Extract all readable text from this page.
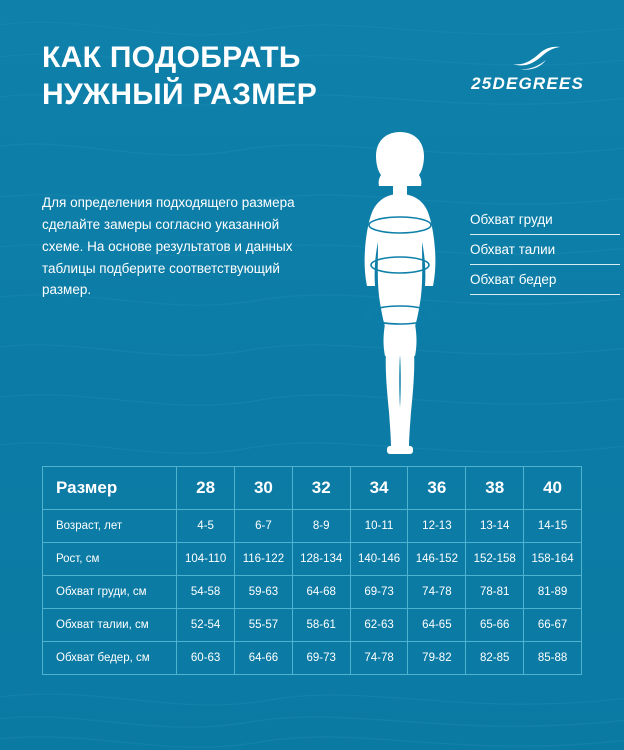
КАК ПОДОБРАТЬ НУЖНЫЙ РАЗМЕР	25DEGREES

Для определения подходящего размера сделайте замеры согласно указанной схеме. На основе результатов и данных таблицы подберите соответствующий размер.

Обхват груди
Обхват талии
Обхват бедер
Размер	28	30	32	34	36	38	40
Возраст, лет	4-5	6-7	8-9	10-11	12-13	13-14	14-15
Рост, см	104-110	116-122	128-134	140-146	146-152	152-158	158-164
Обхват груди, см	54-58	59-63	64-68	69-73	74-78	78-81	81-89
Обхват талии, см	52-54	55-57	58-61	62-63	64-65	65-66	66-67
Обхват бедер, см	60-63	64-66	69-73	74-78	79-82	82-85	85-88
